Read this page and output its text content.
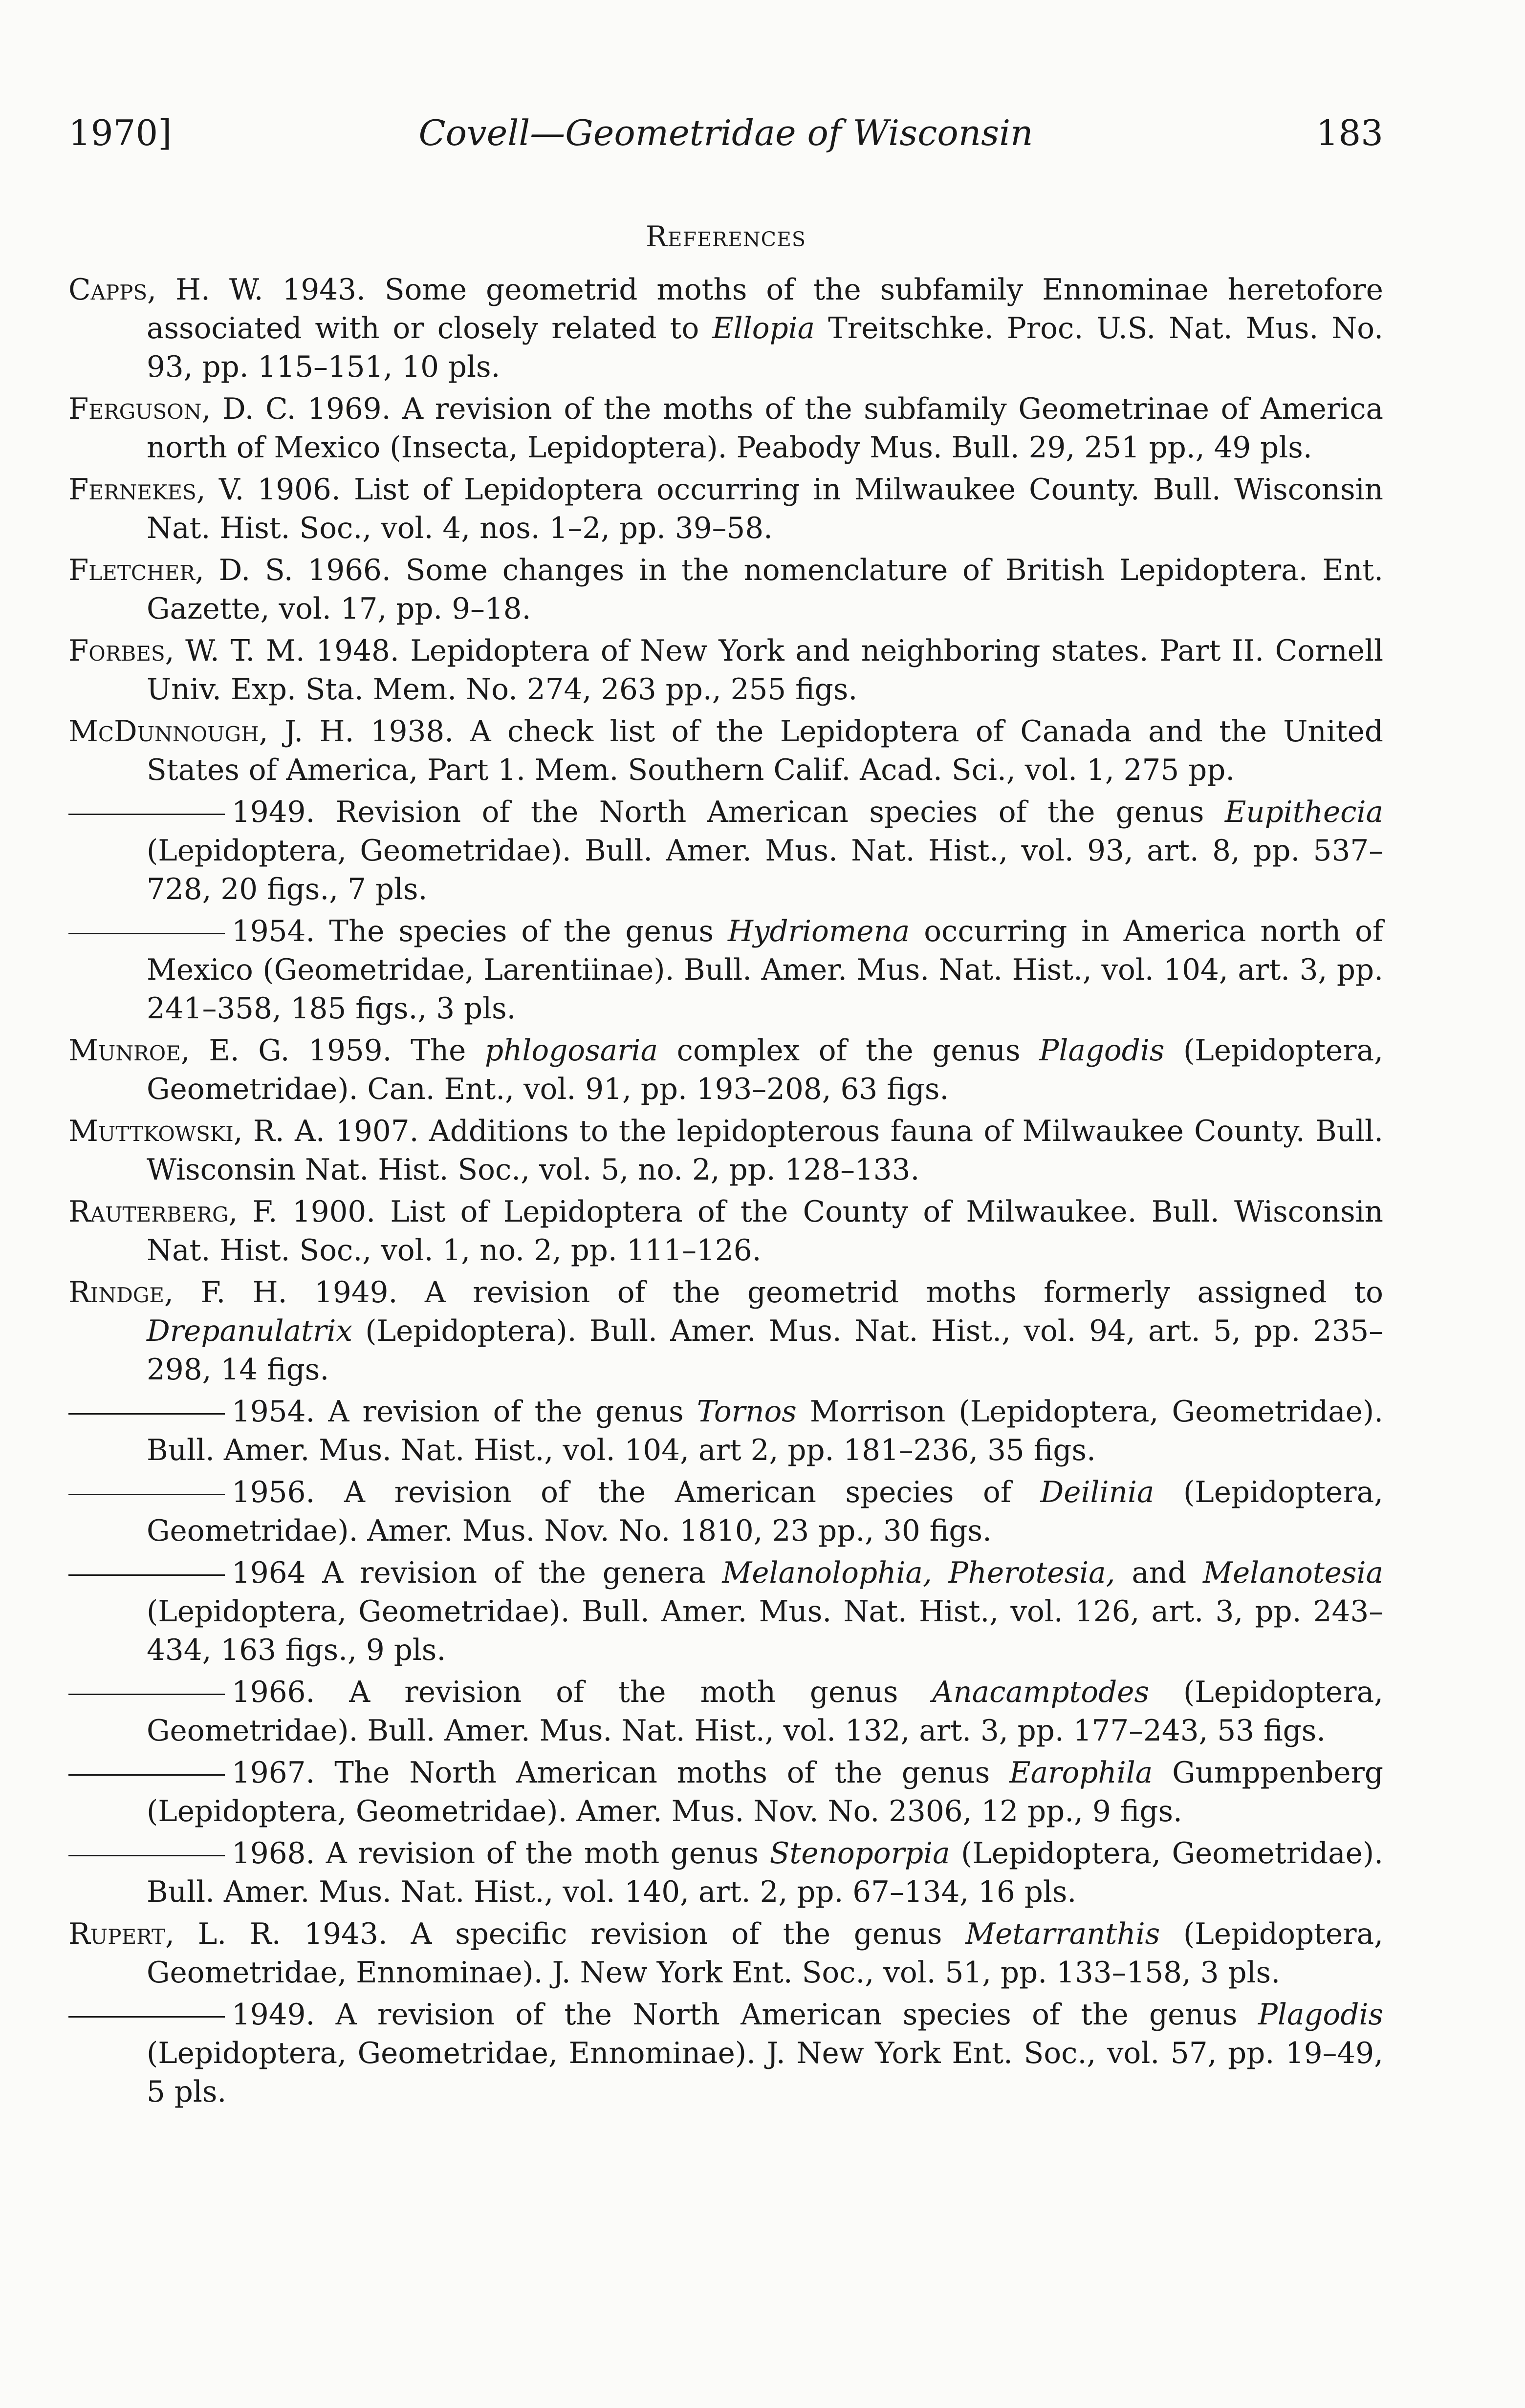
1970]	Covell—Geometridae of Wisconsin	183
References

Capps, H. W. 1943. Some geometrid moths of the subfamily Ennominae heretofore associated with or closely related to Ellopia Treitschke. Proc. U.S. Nat. Mus. No. 93, pp. 115–151, 10 pls.

Ferguson, D. C. 1969. A revision of the moths of the subfamily Geometrinae of America north of Mexico (Insecta, Lepidoptera). Peabody Mus. Bull. 29, 251 pp., 49 pls.

Fernekes, V. 1906. List of Lepidoptera occurring in Milwaukee County. Bull. Wisconsin Nat. Hist. Soc., vol. 4, nos. 1–2, pp. 39–58.

Fletcher, D. S. 1966. Some changes in the nomenclature of British Lepidoptera. Ent. Gazette, vol. 17, pp. 9–18.

Forbes, W. T. M. 1948. Lepidoptera of New York and neighboring states. Part II. Cornell Univ. Exp. Sta. Mem. No. 274, 263 pp., 255 figs.

McDunnough, J. H. 1938. A check list of the Lepidoptera of Canada and the United States of America, Part 1. Mem. Southern Calif. Acad. Sci., vol. 1, 275 pp.

1949. Revision of the North American species of the genus Eupithecia (Lepidoptera, Geometridae). Bull. Amer. Mus. Nat. Hist., vol. 93, art. 8, pp. 537–728, 20 figs., 7 pls.

1954. The species of the genus Hydriomena occurring in America north of Mexico (Geometridae, Larentiinae). Bull. Amer. Mus. Nat. Hist., vol. 104, art. 3, pp. 241–358, 185 figs., 3 pls.

Munroe, E. G. 1959. The phlogosaria complex of the genus Plagodis (Lepidoptera, Geometridae). Can. Ent., vol. 91, pp. 193–208, 63 figs.

Muttkowski, R. A. 1907. Additions to the lepidopterous fauna of Milwaukee County. Bull. Wisconsin Nat. Hist. Soc., vol. 5, no. 2, pp. 128–133.

Rauterberg, F. 1900. List of Lepidoptera of the County of Milwaukee. Bull. Wisconsin Nat. Hist. Soc., vol. 1, no. 2, pp. 111–126.

Rindge, F. H. 1949. A revision of the geometrid moths formerly assigned to Drepanulatrix (Lepidoptera). Bull. Amer. Mus. Nat. Hist., vol. 94, art. 5, pp. 235–298, 14 figs.

1954. A revision of the genus Tornos Morrison (Lepidoptera, Geometridae). Bull. Amer. Mus. Nat. Hist., vol. 104, art 2, pp. 181–236, 35 figs.

1956. A revision of the American species of Deilinia (Lepidoptera, Geometridae). Amer. Mus. Nov. No. 1810, 23 pp., 30 figs.

1964 A revision of the genera Melanolophia, Pherotesia, and Melanotesia (Lepidoptera, Geometridae). Bull. Amer. Mus. Nat. Hist., vol. 126, art. 3, pp. 243–434, 163 figs., 9 pls.

1966. A revision of the moth genus Anacamptodes (Lepidoptera, Geometridae). Bull. Amer. Mus. Nat. Hist., vol. 132, art. 3, pp. 177–243, 53 figs.

1967. The North American moths of the genus Earophila Gumppenberg (Lepidoptera, Geometridae). Amer. Mus. Nov. No. 2306, 12 pp., 9 figs.

1968. A revision of the moth genus Stenoporpia (Lepidoptera, Geometridae). Bull. Amer. Mus. Nat. Hist., vol. 140, art. 2, pp. 67–134, 16 pls.

Rupert, L. R. 1943. A specific revision of the genus Metarranthis (Lepidoptera, Geometridae, Ennominae). J. New York Ent. Soc., vol. 51, pp. 133–158, 3 pls.

1949. A revision of the North American species of the genus Plagodis (Lepidoptera, Geometridae, Ennominae). J. New York Ent. Soc., vol. 57, pp. 19–49, 5 pls.
